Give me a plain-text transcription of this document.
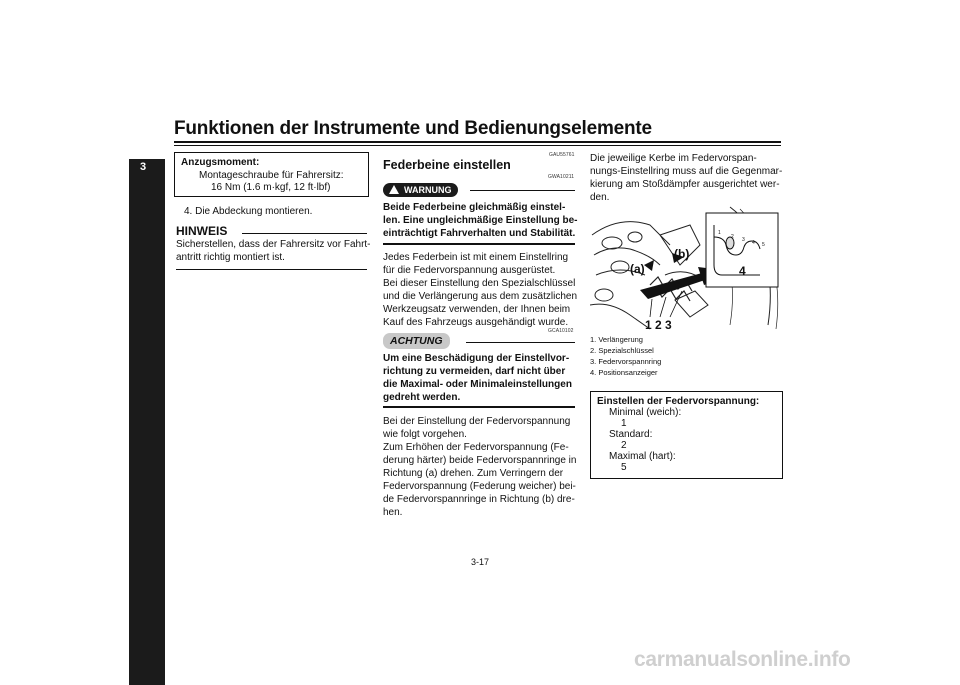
Funktionen der Instrumente und Bedienungselemente
3	Anzugsmoment:
Montageschraube für Fahrersitz:
16 Nm (1.6 m·kgf, 12 ft·lbf)
4. Die Abdeckung montieren.
HINWEIS
Sicherstellen, dass der Fahrersitz vor Fahrt-
antritt richtig montiert ist.
GAU55761
Federbeine einstellen
GWA10211
WARNUNG
Beide Federbeine gleichmäßig einstel-
len. Eine ungleichmäßige Einstellung be-
einträchtigt Fahrverhalten und Stabilität.
Jedes Federbein ist mit einem Einstellring
für die Federvorspannung ausgerüstet.
Bei dieser Einstellung den Spezialschlüssel
und die Verlängerung aus dem zusätzlichen
Werkzeugsatz verwenden, der Ihnen beim
Kauf des Fahrzeugs ausgehändigt wurde.
GCA10102
ACHTUNG
Um eine Beschädigung der Einstellvor-
richtung zu vermeiden, darf nicht über
die Maximal- oder Minimaleinstellungen
gedreht werden.
Bei der Einstellung der Federvorspannung
wie folgt vorgehen.
Zum Erhöhen der Federvorspannung (Fe-
derung härter) beide Federvorspannringe in
Richtung (a) drehen. Zum Verringern der
Federvorspannung (Federung weicher) bei-
de Federvorspannringe in Richtung (b) dre-
hen.
Die jeweilige Kerbe im Federvorspan-
nungs-Einstellring muss auf die Gegenmar-
kierung am Stoßdämpfer ausgerichtet wer-
den.
(a)
(b)
1 2 3
4
1
2 3 4 5
1. Verlängerung
2. Spezialschlüssel
3. Federvorspannring
4. Positionsanzeiger
Einstellen der Federvorspannung:
Minimal (weich):
1
Standard:
2
Maximal (hart):
5
3-17
carmanualsonline.info
